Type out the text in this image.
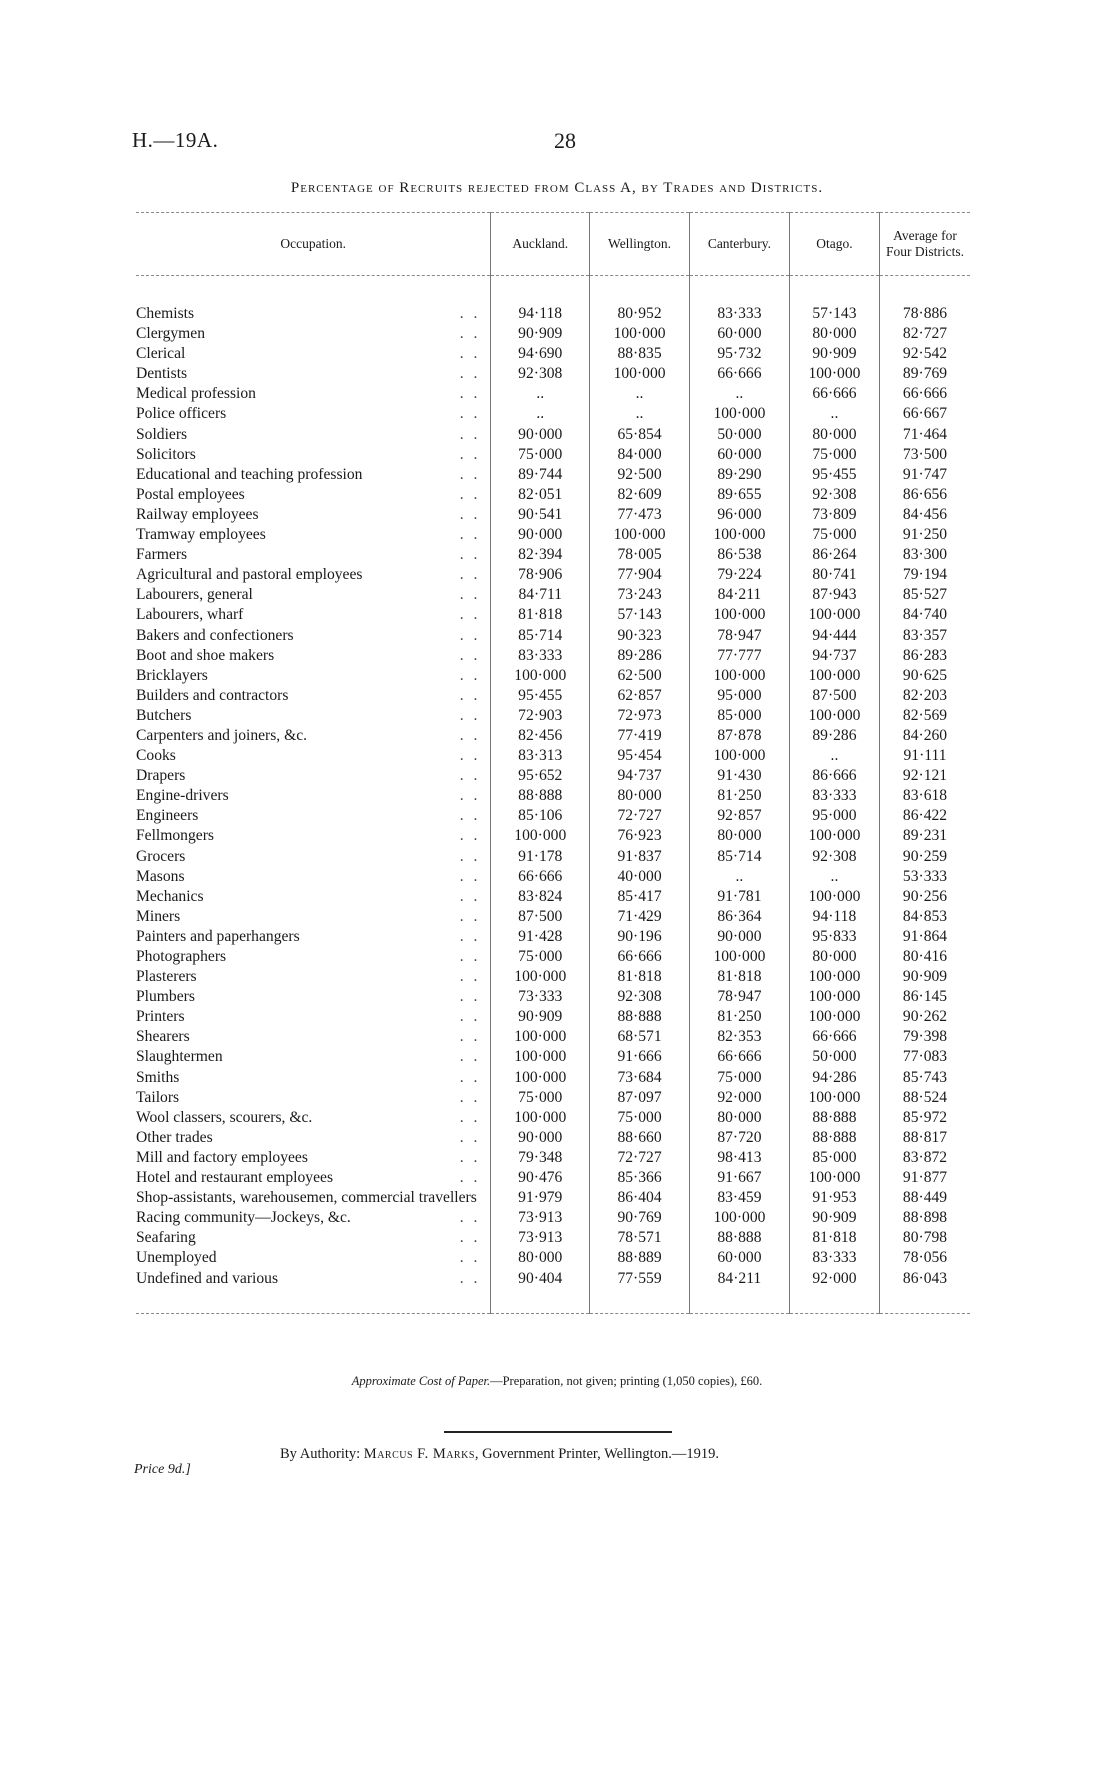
H.—19A.	28
Percentage of Recruits rejected from Class A, by Trades and Districts.
Occupation.	Auckland.	Wellington.	Canterbury.	Otago.	Average for Four Districts.
Chemists . .	94·118	80·952	83·333	57·143	78·886
Clergymen . .	90·909	100·000	60·000	80·000	82·727
Clerical . .	94·690	88·835	95·732	90·909	92·542
Dentists . .	92·308	100·000	66·666	100·000	89·769
Medical profession . .	..	..	..	66·666	66·666
Police officers . .	..	..	100·000	..	66·667
Soldiers . .	90·000	65·854	50·000	80·000	71·464
Solicitors . .	75·000	84·000	60·000	75·000	73·500
Educational and teaching profession . .	89·744	92·500	89·290	95·455	91·747
Postal employees . .	82·051	82·609	89·655	92·308	86·656
Railway employees . .	90·541	77·473	96·000	73·809	84·456
Tramway employees . .	90·000	100·000	100·000	75·000	91·250
Farmers . .	82·394	78·005	86·538	86·264	83·300
Agricultural and pastoral employees . .	78·906	77·904	79·224	80·741	79·194
Labourers, general . .	84·711	73·243	84·211	87·943	85·527
Labourers, wharf . .	81·818	57·143	100·000	100·000	84·740
Bakers and confectioners . .	85·714	90·323	78·947	94·444	83·357
Boot and shoe makers . .	83·333	89·286	77·777	94·737	86·283
Bricklayers . .	100·000	62·500	100·000	100·000	90·625
Builders and contractors . .	95·455	62·857	95·000	87·500	82·203
Butchers . .	72·903	72·973	85·000	100·000	82·569
Carpenters and joiners, &c. . .	82·456	77·419	87·878	89·286	84·260
Cooks . .	83·313	95·454	100·000	..	91·111
Drapers . .	95·652	94·737	91·430	86·666	92·121
Engine-drivers . .	88·888	80·000	81·250	83·333	83·618
Engineers . .	85·106	72·727	92·857	95·000	86·422
Fellmongers . .	100·000	76·923	80·000	100·000	89·231
Grocers . .	91·178	91·837	85·714	92·308	90·259
Masons . .	66·666	40·000	..	..	53·333
Mechanics . .	83·824	85·417	91·781	100·000	90·256
Miners . .	87·500	71·429	86·364	94·118	84·853
Painters and paperhangers . .	91·428	90·196	90·000	95·833	91·864
Photographers . .	75·000	66·666	100·000	80·000	80·416
Plasterers . .	100·000	81·818	81·818	100·000	90·909
Plumbers . .	73·333	92·308	78·947	100·000	86·145
Printers . .	90·909	88·888	81·250	100·000	90·262
Shearers . .	100·000	68·571	82·353	66·666	79·398
Slaughtermen . .	100·000	91·666	66·666	50·000	77·083
Smiths . .	100·000	73·684	75·000	94·286	85·743
Tailors . .	75·000	87·097	92·000	100·000	88·524
Wool classers, scourers, &c. . .	100·000	75·000	80·000	88·888	85·972
Other trades . .	90·000	88·660	87·720	88·888	88·817
Mill and factory employees . .	79·348	72·727	98·413	85·000	83·872
Hotel and restaurant employees . .	90·476	85·366	91·667	100·000	91·877

Shop-assistants, warehousemen, commercial travellers	91·979	86·404	83·459	91·953	88·449
Racing community—Jockeys, &c. . .	73·913	90·769	100·000	90·909	88·898
Seafaring . .	73·913	78·571	88·888	81·818	80·798
Unemployed . .	80·000	88·889	60·000	83·333	78·056
Undefined and various . .	90·404	77·559	84·211	92·000	86·043
Approximate Cost of Paper.—Preparation, not given; printing (1,050 copies), £60.
Price 9d.]
By Authority: Marcus F. Marks, Government Printer, Wellington.—1919.
